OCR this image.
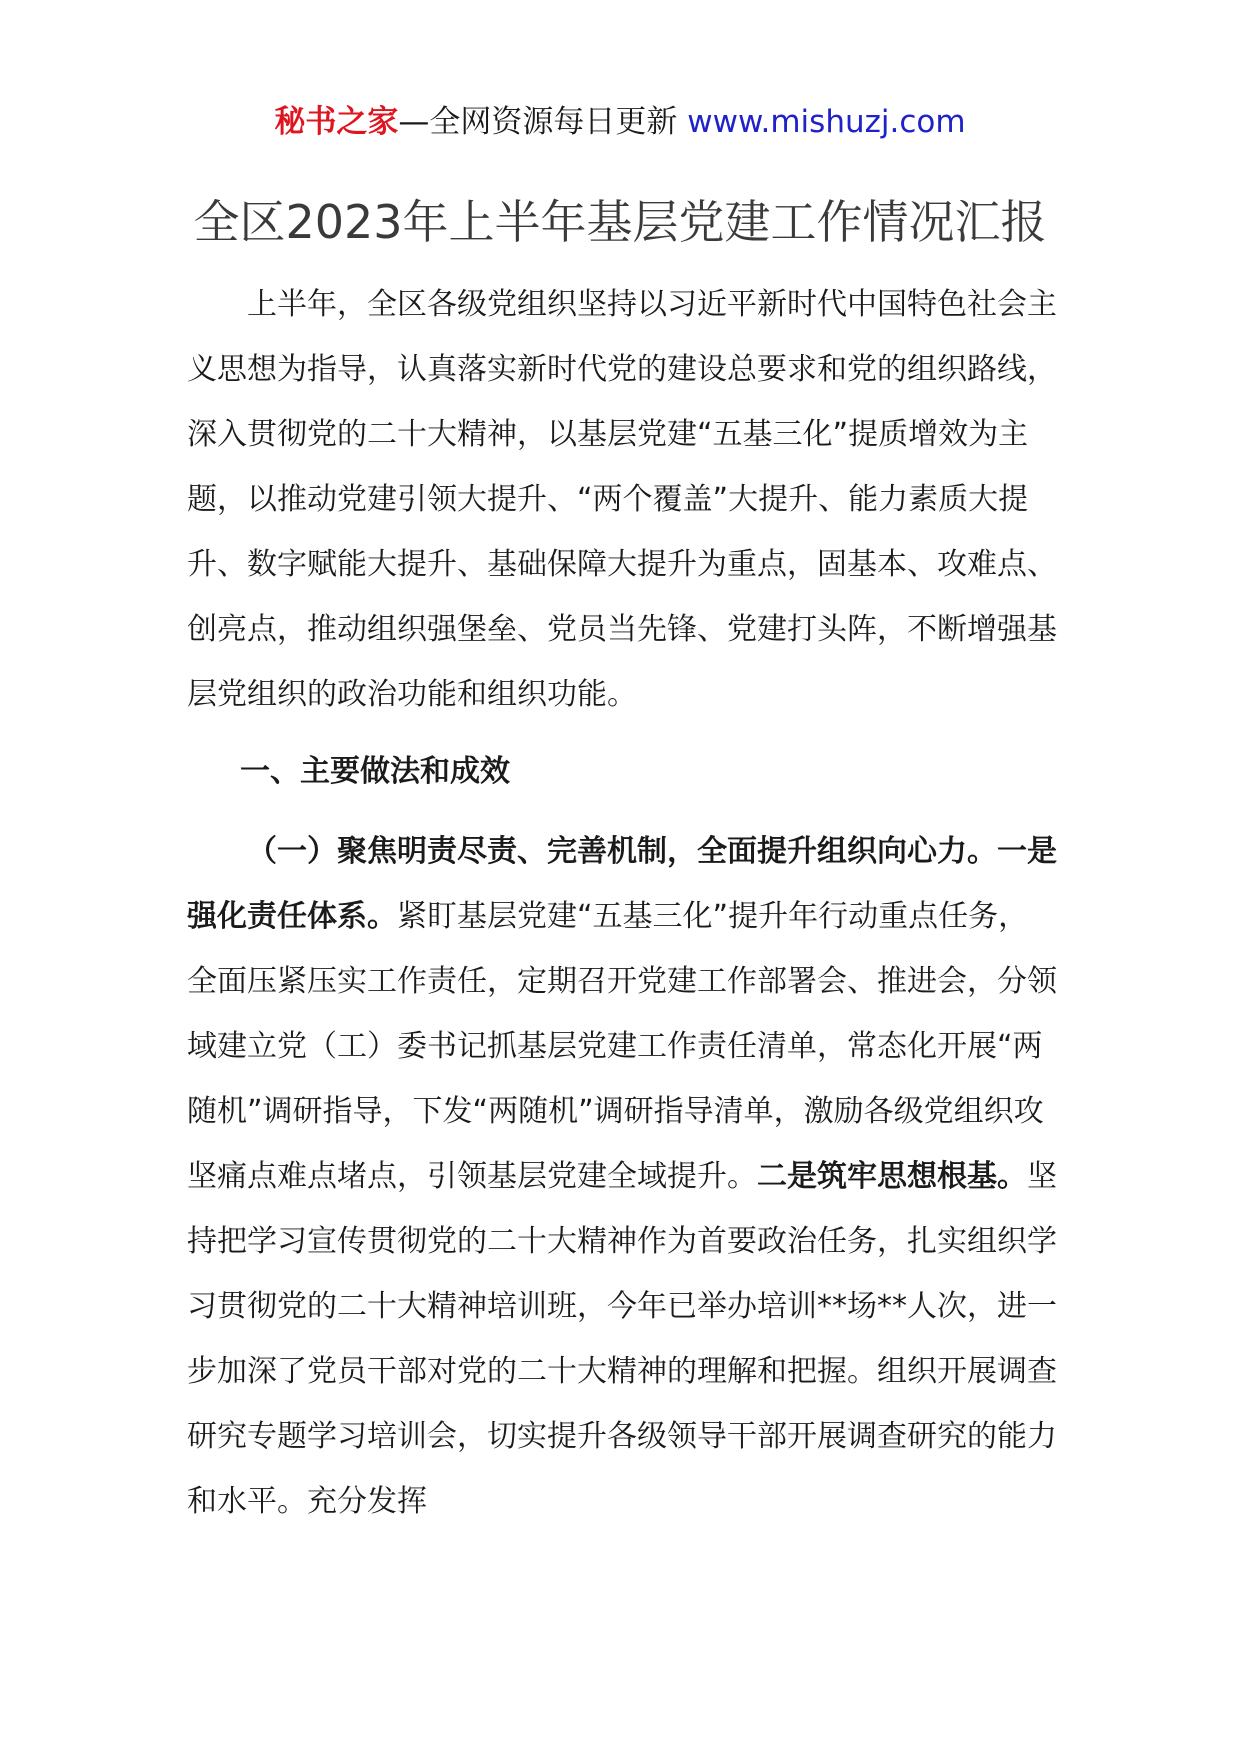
秘书之家—全网资源每日更新 www.mishuzj.com
全区2023年上半年基层党建工作情况汇报

上半年，全区各级党组织坚持以习近平新时代中国特色社会主义思想为指导，认真落实新时代党的建设总要求和党的组织路线，深入贯彻党的二十大精神，以基层党建“五基三化”提质增效为主题，以推动党建引领大提升、“两个覆盖”大提升、能力素质大提升、数字赋能大提升、基础保障大提升为重点，固基本、攻难点、创亮点，推动组织强堡垒、党员当先锋、党建打头阵，不断增强基层党组织的政治功能和组织功能。

一、主要做法和成效

（一）聚焦明责尽责、完善机制，全面提升组织向心力。一是强化责任体系。紧盯基层党建“五基三化”提升年行动重点任务，全面压紧压实工作责任，定期召开党建工作部署会、推进会，分领域建立党（工）委书记抓基层党建工作责任清单，常态化开展“两随机”调研指导，下发“两随机”调研指导清单，激励各级党组织攻坚痛点难点堵点，引领基层党建全域提升。二是筑牢思想根基。坚持把学习宣传贯彻党的二十大精神作为首要政治任务，扎实组织学习贯彻党的二十大精神培训班，今年已举办培训**场**人次，进一步加深了党员干部对党的二十大精神的理解和把握。组织开展调查研究专题学习培训会，切实提升各级领导干部开展调查研究的能力和水平。充分发挥
